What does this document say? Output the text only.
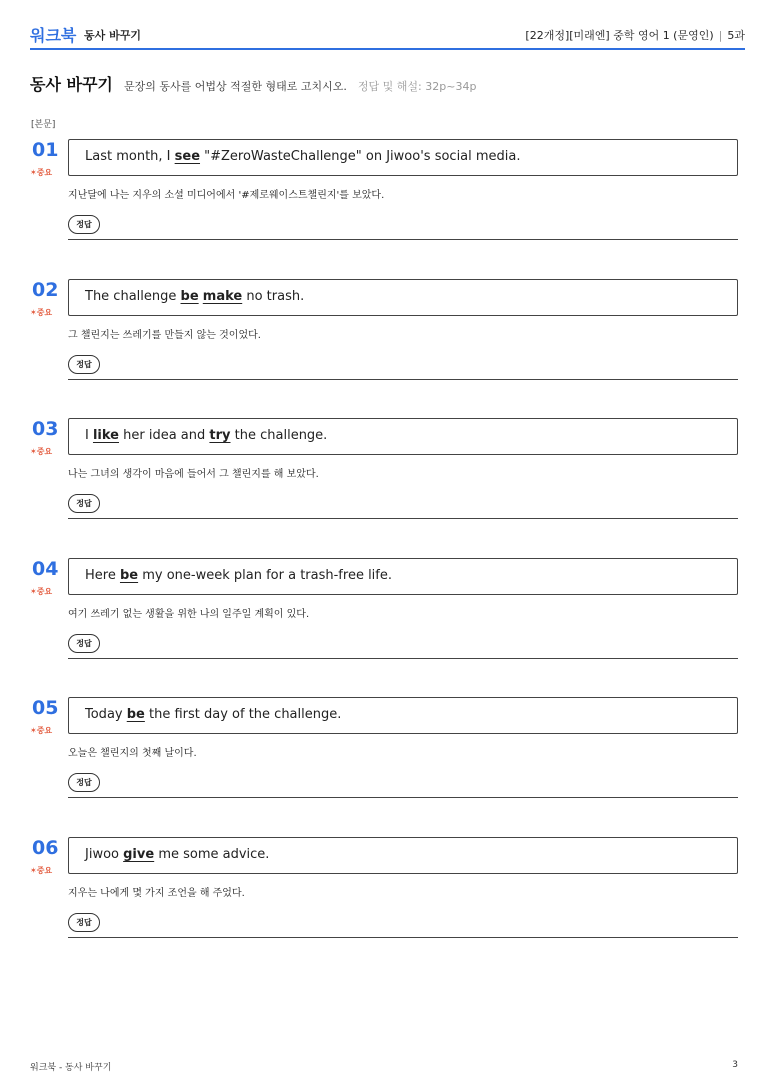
워크북 동사 바꾸기	[22개정][미래엔] 중학 영어 1 (문영인) | 5과
동사 바꾸기 문장의 동사를 어법상 적절한 형태로 고치시오. 정답 및 해설: 32p~34p
[본문]
01
✶중요
Last month, I see "#ZeroWasteChallenge" on Jiwoo's social media.
지난달에 나는 지우의 소셜 미디어에서 '#제로웨이스트챌린지'를 보았다.
정답
02
✶중요
The challenge be make no trash.
그 챌린지는 쓰레기를 만들지 않는 것이었다.
정답
03
✶중요
I like her idea and try the challenge.
나는 그녀의 생각이 마음에 들어서 그 챌린지를 해 보았다.
정답
04
✶중요
Here be my one-week plan for a trash-free life.
여기 쓰레기 없는 생활을 위한 나의 일주일 계획이 있다.
정답
05
✶중요
Today be the first day of the challenge.
오늘은 챌린지의 첫째 날이다.
정답
06
✶중요
Jiwoo give me some advice.
지우는 나에게 몇 가지 조언을 해 주었다.
정답
워크북 - 동사 바꾸기	3
